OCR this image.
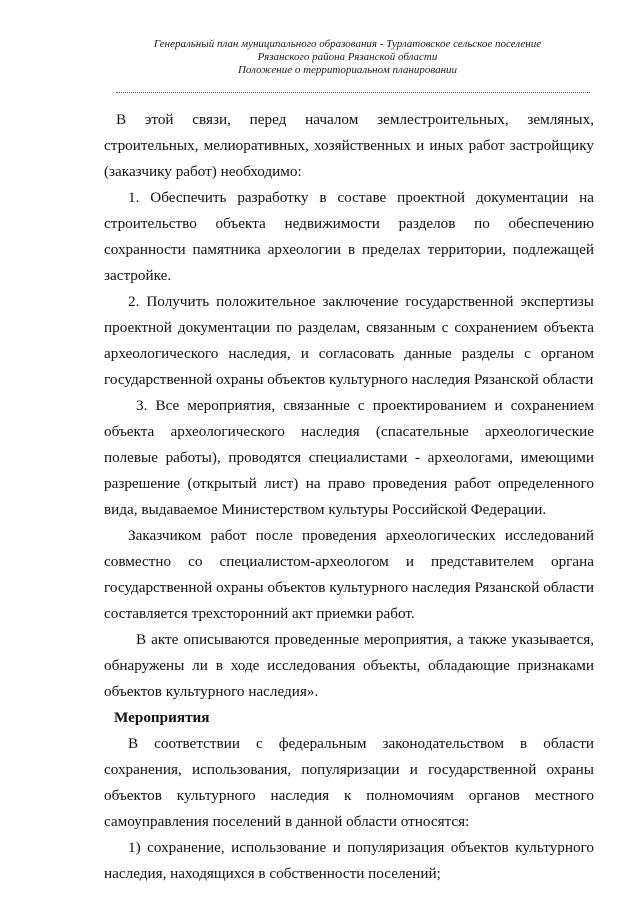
Генеральный план муниципального образования - Турлатовское сельское поселение
Рязанского района Рязанской области
Положение о территориальном планировании

В этой связи, перед началом землестроительных, земляных, строительных, мелиоративных, хозяйственных и иных работ застройщику (заказчику работ) необходимо:

1. Обеспечить разработку в составе проектной документации на строительство объекта недвижимости разделов по обеспечению сохранности памятника археологии в пределах территории, подлежащей застройке.

2. Получить положительное заключение государственной экспертизы проектной документации по разделам, связанным с сохранением объекта археологического наследия, и согласовать данные разделы с органом государственной охраны объектов культурного наследия Рязанской области

3. Все мероприятия, связанные с проектированием и сохранением объекта археологического наследия (спасательные археологические полевые работы), проводятся специалистами - археологами, имеющими разрешение (открытый лист) на право проведения работ определенного вида, выдаваемое Министерством культуры Российской Федерации.

Заказчиком работ после проведения археологических исследований совместно со специалистом-археологом и представителем органа государственной охраны объектов культурного наследия Рязанской области составляется трехсторонний акт приемки работ.

В акте описываются проведенные мероприятия, а также указывается, обнаружены ли в ходе исследования объекты, обладающие признаками объектов культурного наследия».

Мероприятия

В соответствии с федеральным законодательством в области сохранения, использования, популяризации и государственной охраны объектов культурного наследия к полномочиям органов местного самоуправления поселений в данной области относятся:

1) сохранение, использование и популяризация объектов культурного наследия, находящихся в собственности поселений;
